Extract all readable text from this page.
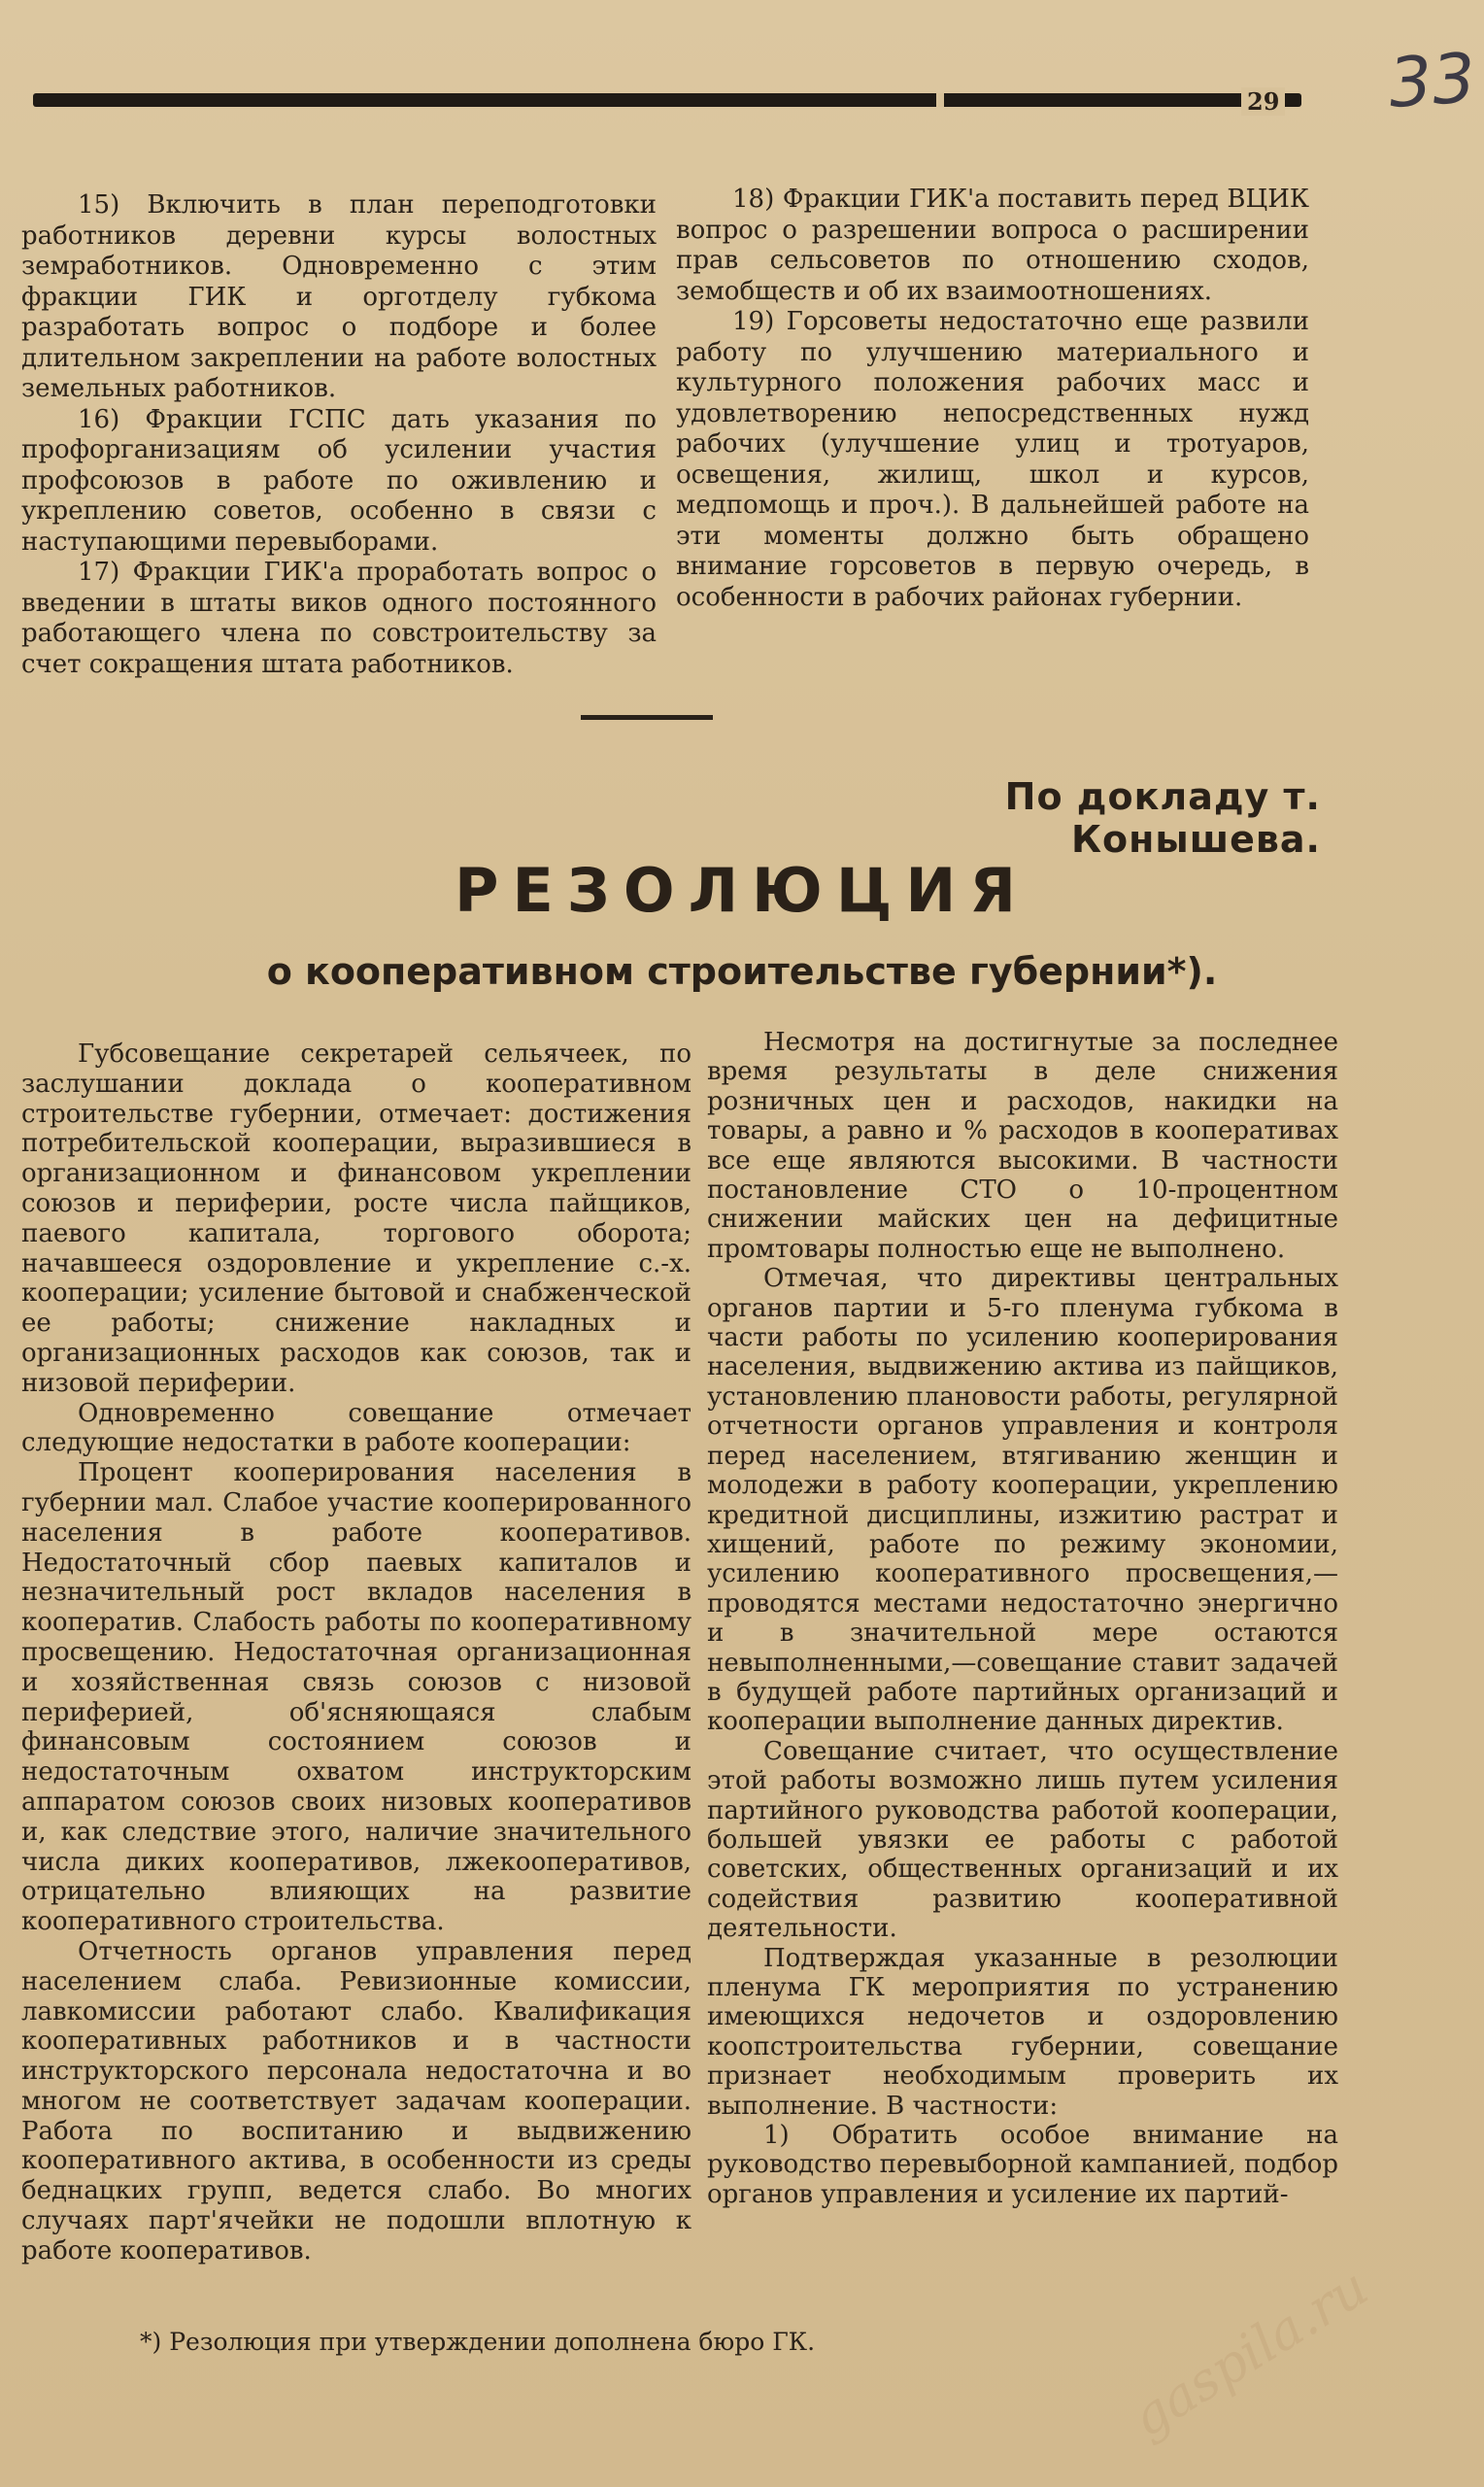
33
29

15) Включить в план переподготовки работников деревни курсы волостных земработников. Одновременно с этим фракции ГИК и орготделу губкома разработать вопрос о подборе и более длительном закреплении на работе волостных земельных работников.

16) Фракции ГСПС дать указания по профорганизациям об усилении участия профсоюзов в работе по оживлению и укреплению советов, особенно в связи с наступающими перевыборами.

17) Фракции ГИК'а проработать вопрос о введении в штаты виков одного постоянного работающего члена по совстроительству за счет сокращения штата работников.

18) Фракции ГИК'а поставить перед ВЦИК вопрос о разрешении вопроса о расширении прав сельсоветов по отношению сходов, земобществ и об их взаимоотношениях.

19) Горсоветы недостаточно еще развили работу по улучшению материального и культурного положения рабочих масс и удовлетворению непосредственных нужд рабочих (улучшение улиц и тротуаров, освещения, жилищ, школ и курсов, медпомощь и проч.). В дальнейшей работе на эти моменты должно быть обращено внимание горсоветов в первую очередь, в особенности в рабочих районах губернии.

По докладу т. Конышева.
РЕЗОЛЮЦИЯ
о кооперативном строительстве губернии*).

Губсовещание секретарей сельячеек, по заслушании доклада о кооперативном строительстве губернии, отмечает: достижения потребительской кооперации, выразившиеся в организационном и финансовом укреплении союзов и периферии, росте числа пайщиков, паевого капитала, торгового оборота; начавшееся оздоровление и укрепление с.-х. кооперации; усиление бытовой и снабженческой ее работы; снижение накладных и организационных расходов как союзов, так и низовой периферии.

Одновременно совещание отмечает следующие недостатки в работе кооперации:

Процент кооперирования населения в губернии мал. Слабое участие кооперированного населения в работе кооперативов. Недостаточный сбор паевых капиталов и незначительный рост вкладов населения в кооператив. Слабость работы по кооперативному просвещению. Недостаточная организационная и хозяйственная связь союзов с низовой периферией, об'ясняющаяся слабым финансовым состоянием союзов и недостаточным охватом инструкторским аппаратом союзов своих низовых кооперативов и, как следствие этого, наличие значительного числа диких кооперативов, лжекооперативов, отрицательно влияющих на развитие кооперативного строительства.

Отчетность органов управления перед населением слаба. Ревизионные комиссии, лавкомиссии работают слабо. Квалификация кооперативных работников и в частности инструкторского персонала недостаточна и во многом не соответствует задачам кооперации. Работа по воспитанию и выдвижению кооперативного актива, в особенности из среды беднацких групп, ведется слабо. Во многих случаях парт'ячейки не подошли вплотную к работе кооперативов.

Несмотря на достигнутые за последнее время результаты в деле снижения розничных цен и расходов, накидки на товары, а равно и % расходов в кооперативах все еще являются высокими. В частности постановление СТО о 10-процентном снижении майских цен на дефицитные промтовары полностью еще не выполнено.

Отмечая, что директивы центральных органов партии и 5-го пленума губкома в части работы по усилению кооперирования населения, выдвижению актива из пайщиков, установлению плановости работы, регулярной отчетности органов управления и контроля перед населением, втягиванию женщин и молодежи в работу кооперации, укреплению кредитной дисциплины, изжитию растрат и хищений, работе по режиму экономии, усилению кооперативного просвещения,—проводятся местами недостаточно энергично и в значительной мере остаются невыполненными,—совещание ставит задачей в будущей работе партийных организаций и кооперации выполнение данных директив.

Совещание считает, что осуществление этой работы возможно лишь путем усиления партийного руководства работой кооперации, большей увязки ее работы с работой советских, общественных организаций и их содействия развитию кооперативной деятельности.

Подтверждая указанные в резолюции пленума ГК мероприятия по устранению имеющихся недочетов и оздоровлению коопстроительства губернии, совещание признает необходимым проверить их выполнение. В частности:

1) Обратить особое внимание на руководство перевыборной кампанией, подбор органов управления и усиление их партий-

*) Резолюция при утверждении дополнена бюро ГК.	gaspila.ru
